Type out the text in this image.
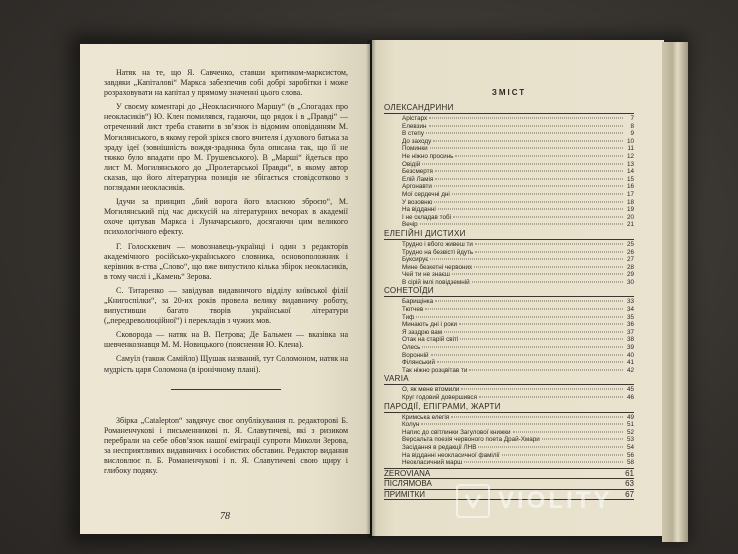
Натяк на те, що Я. Савченко, ставши критиком-марксистом, завдяки „Капіталові“ Маркса забезпечив собі добрі заробітки і може розраховувати на капітал у прямому значенні цього слова.

У своєму коментарі до „Неокласичного Маршу“ (в „Спогадах про неокласиків“) Ю. Клен помилявся, гадаючи, що рядок і в „Правді“ — отреченний лист треба ставити в зв’язок із відомим оповіданням М. Могилянського, в якому герой зрікся свого вчителя і духового батька за зраду ідеї (зовнішність вождя-зрадника була описана так, що її не тяжко було впадати про М. Грушевського). В „Марші“ йдеться про лист М. Могилянського до „Пролетарської Правди“, в якому автор сказав, що його літературна позиція не збігається стовідсотково з поглядами неокласиків.

Ідучи за принцип „бий ворога його власною зброєю“, М. Могилянський під час дискусій на літературних вечорах в академії охоче цитував Маркса і Луначарського, досягаючи цим великого психологічного ефекту.

Г. Голосккевич — мовознавець-українці і один з редакторів академічного російсько-українського словника, основоположник і керівник в-ства „Слово“, що вже випустило кілька збірок неокласиків, в тому числі і „Камень“ Зерова.

С. Титаренко — завідував видавничого відділу київської філії „Книгоспілки“, за 20-их років провела велику видавничу роботу, випустивши багато творів української літератури („передреволюційної“) і перекладів з чужих мов.

Сковорода — натяк на В. Петрова; Де Бальмен — вказівка на шевченкознавця М. М. Новицького (пояснення Ю. Клена).

Самуїл (також Самійло) Щушак названий, тут Соломоном, натяк на мудрість царя Соломона (в іронічному плані).

Збірка „Catalepton“ завдячує своє опублікування п. редакторові Б. Романенчукові і письменникові п. Я. Славутичеві, які з ризиком перебрали на себе обов’язок нашої еміграції супроти Миколи Зерова, за несприятливих видавничих і особистих обставин. Редактор видання висловлює п. Б. Романенчукові і п. Я. Славутичеві свою щиру і глибоку подяку.

78
ЗМІСТ
ОЛЕКСАНДРИНИ
Арістарх	7
Елевзин	8
В степу	9
До заходу	10
Поминки	11
Не ніжно просинь	12
Овідій	13
Безсмертя	14
Елій Ламія	15
Аргонавти	16
Мої сердечні дні	17
У возовню	18
На відданні	19
І не складав тобі	20
Вечір	21
ЕЛЕГІЙНІ ДИСТИХИ
Трудно і вбого живеш ти	25
Трудно на безвісті йдуть	26
Буксирує	27
Мине безкетні червоних	28
Чей ти не знаєш	29
В сірій імлі повідземній	30
СОНЕТОЇДИ
Барищінка	33
Тютчев	34
Тиф	35
Минають дні і роки	36
Я заздрю вам	37
Отак на старій світі	38
Олесь	39
Воронній	40
Філянський	41
Так ніжно розцвітав ти	42
VARIA
О, як мене втомили	45
Круг годовий довершився	46
ПАРОДІЇ, ЕПІГРАМИ, ЖАРТИ
Кримська елегія	49
Колун	51
Напис до світлинки Загулової книжки	52
Версальта поезія червоного поета Драй-Хмари	53
Засідання в редакції ЛНВ	54
На відданні неокласичної фамілії	56
Неокласичний марш	58
ZEROVIANA	61
ПІСЛЯМОВА	63
ПРИМІТКИ	67
VIOLITY
